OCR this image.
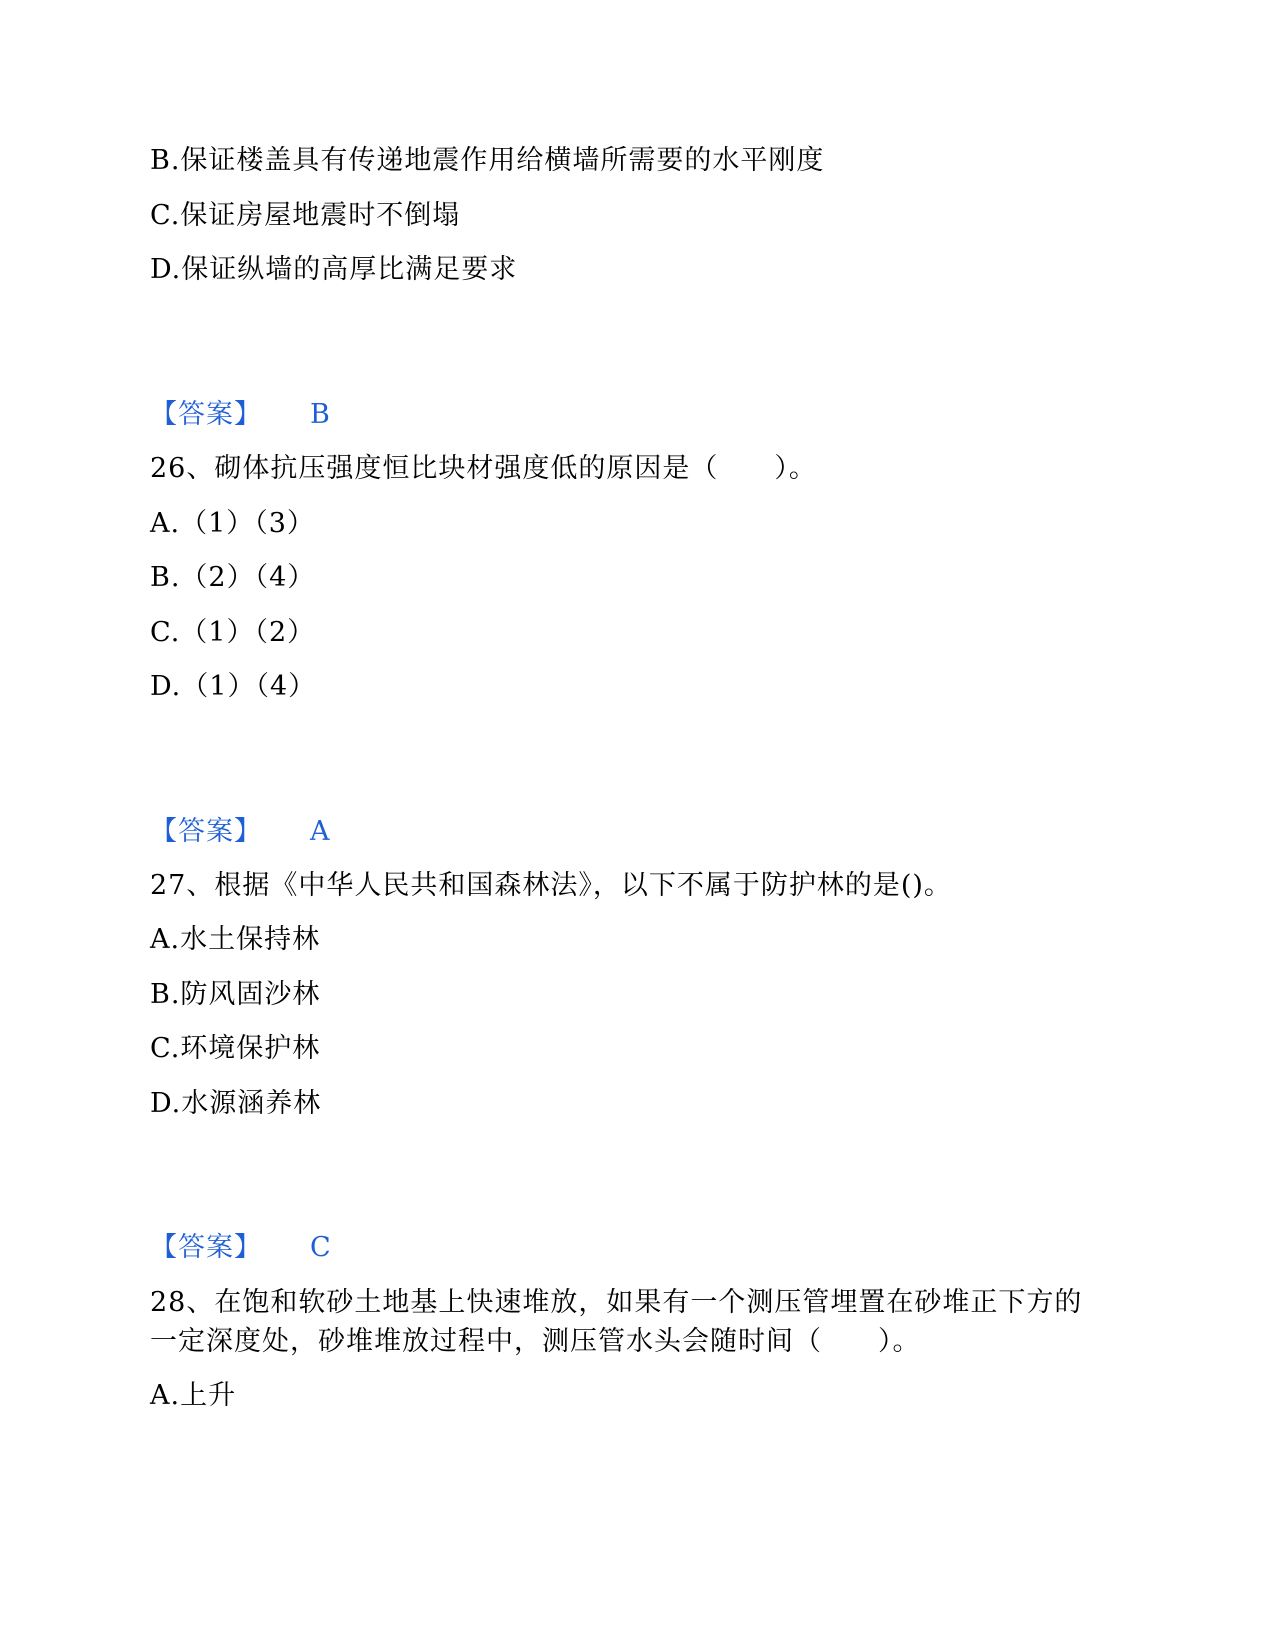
B.保证楼盖具有传递地震作用给横墙所需要的水平刚度
C.保证房屋地震时不倒塌
D.保证纵墙的高厚比满足要求
【答案】 B
26、砌体抗压强度恒比块材强度低的原因是（　　）。
A.（1）（3）
B.（2）（4）
C.（1）（2）
D.（1）（4）
【答案】 A
27、根据《中华人民共和国森林法》，以下不属于防护林的是()。
A.水土保持林
B.防风固沙林
C.环境保护林
D.水源涵养林
【答案】 C
28、在饱和软砂土地基上快速堆放，如果有一个测压管埋置在砂堆正下方的
一定深度处，砂堆堆放过程中，测压管水头会随时间（　　）。
A.上升
